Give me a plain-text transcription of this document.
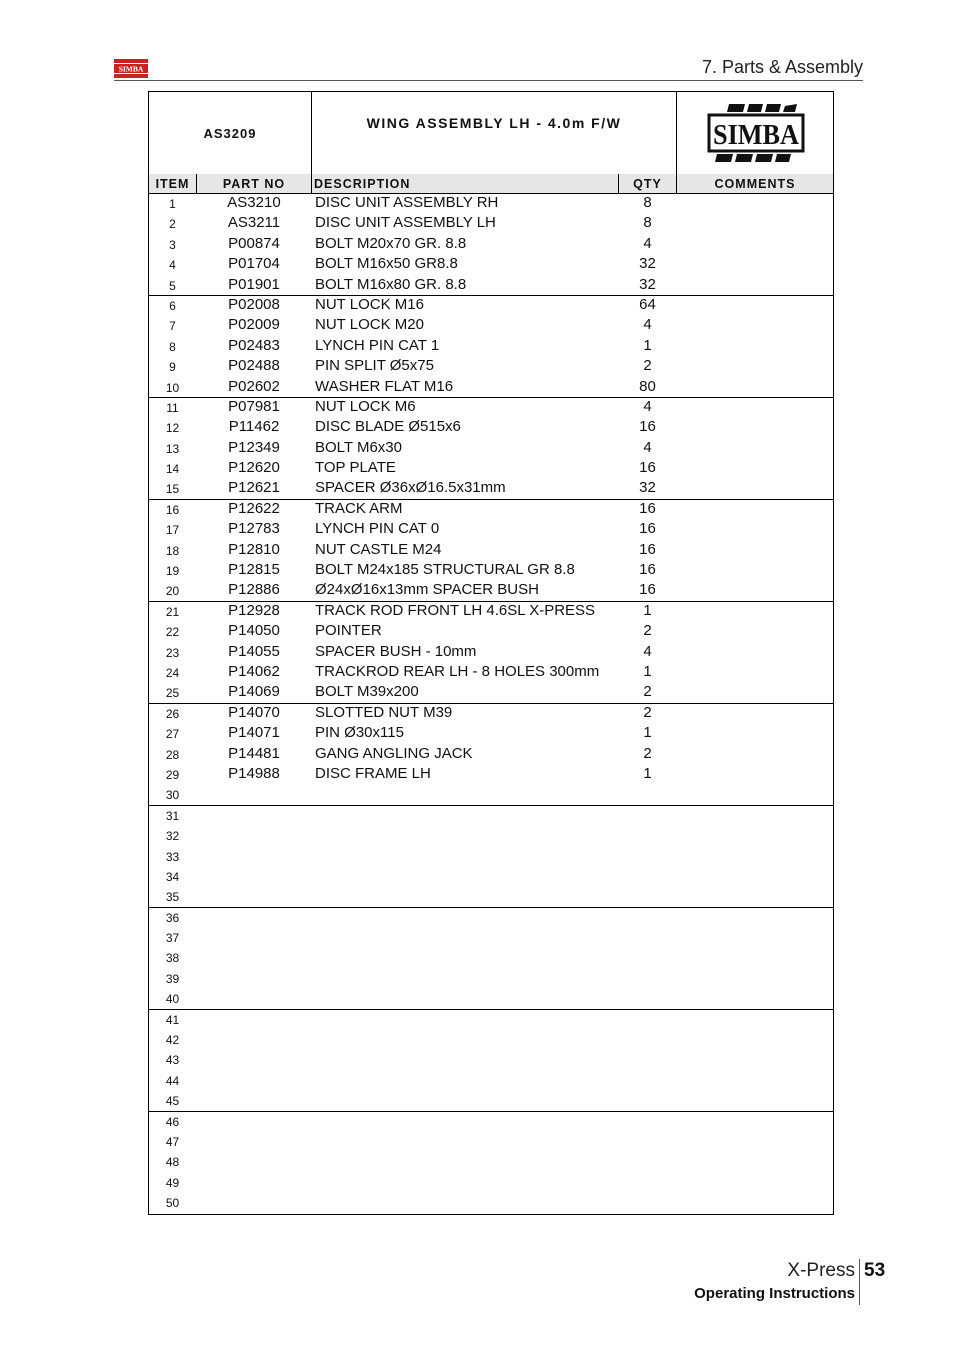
SIMBA	7. Parts & Assembly
AS3209
WING ASSEMBLY LH - 4.0m F/W	SIMBA
ITEM	PART NO	DESCRIPTION	QTY	COMMENTS
1	AS3210	DISC UNIT ASSEMBLY RH	8
2	AS3211	DISC UNIT ASSEMBLY LH	8
3	P00874	BOLT M20x70 GR. 8.8	4
4	P01704	BOLT M16x50 GR8.8	32
5	P01901	BOLT M16x80 GR. 8.8	32
6	P02008	NUT LOCK M16	64
7	P02009	NUT LOCK M20	4
8	P02483	LYNCH PIN CAT 1	1
9	P02488	PIN SPLIT Ø5x75	2
10	P02602	WASHER FLAT M16	80
11	P07981	NUT LOCK M6	4
12	P11462	DISC BLADE Ø515x6	16
13	P12349	BOLT M6x30	4
14	P12620	TOP PLATE	16
15	P12621	SPACER Ø36xØ16.5x31mm	32
16	P12622	TRACK ARM	16
17	P12783	LYNCH PIN CAT 0	16
18	P12810	NUT CASTLE M24	16
19	P12815	BOLT M24x185 STRUCTURAL GR 8.8	16
20	P12886	Ø24xØ16x13mm SPACER BUSH	16
21	P12928	TRACK ROD FRONT LH 4.6SL X-PRESS	1
22	P14050	POINTER	2
23	P14055	SPACER BUSH - 10mm	4
24	P14062	TRACKROD REAR LH - 8 HOLES 300mm	1
25	P14069	BOLT M39x200	2
26	P14070	SLOTTED NUT M39	2
27	P14071	PIN Ø30x115	1
28	P14481	GANG ANGLING JACK	2
29	P14988	DISC FRAME LH	1
30
31
32
33
34
35
36
37
38
39
40
41
42
43
44
45
46
47
48
49
50
X-Press 53
Operating Instructions
